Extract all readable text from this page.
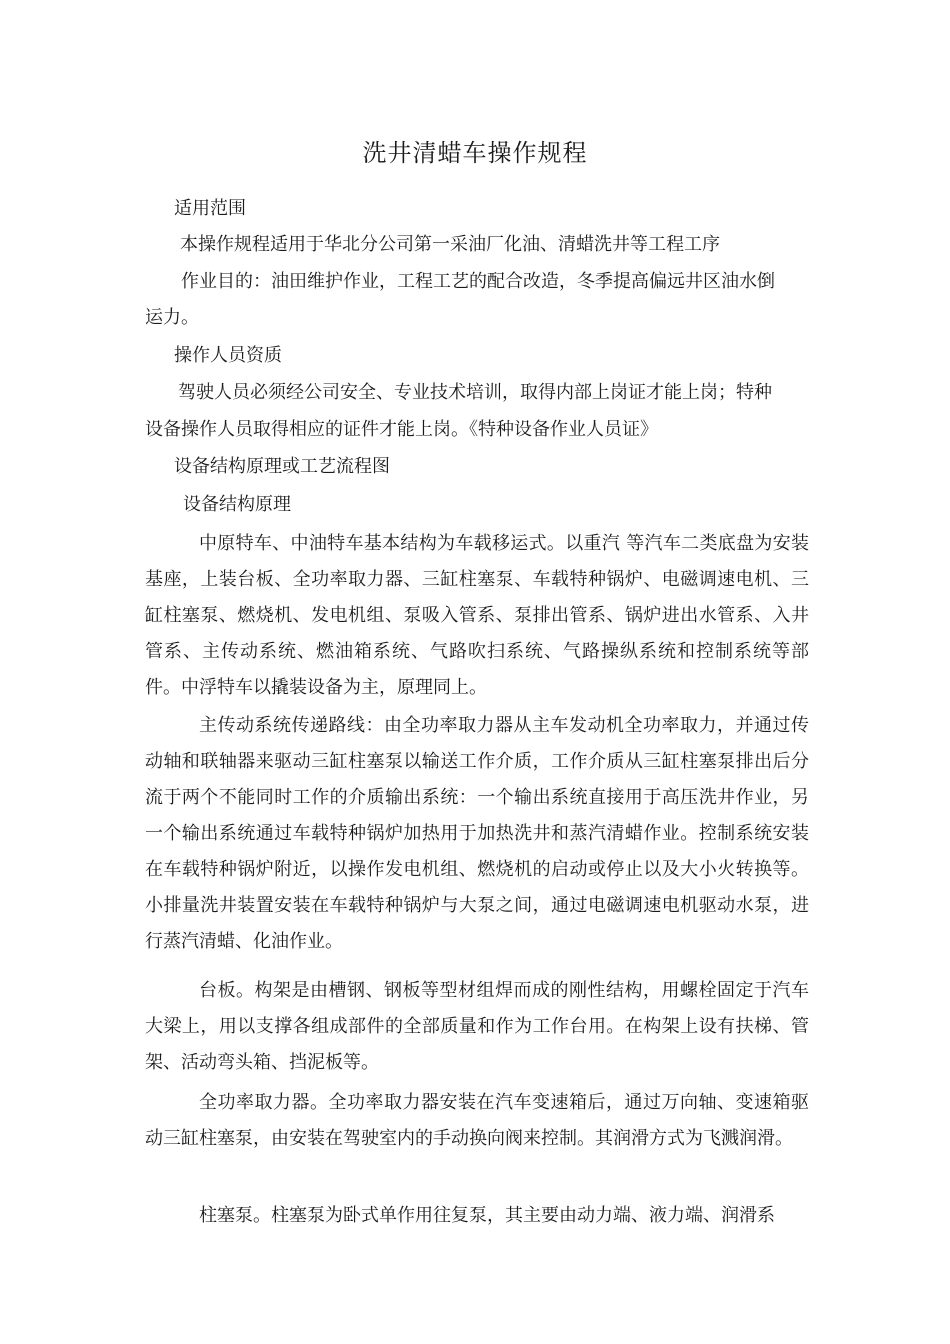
洗井清蜡车操作规程
适用范围
本操作规程适用于华北分公司第一采油厂化油、清蜡洗井等工程工序
作业目的：油田维护作业，工程工艺的配合改造，冬季提高偏远井区油水倒
运力。
操作人员资质
驾驶人员必须经公司安全、专业技术培训，取得内部上岗证才能上岗；特种
设备操作人员取得相应的证件才能上岗。《特种设备作业人员证》
设备结构原理或工艺流程图
设备结构原理
中原特车、中油特车基本结构为车载移运式。以重汽 等汽车二类底盘为安装基座，上装台板、全功率取力器、三缸柱塞泵、车载特种锅炉、电磁调速电机、三缸柱塞泵、燃烧机、发电机组、泵吸入管系、泵排出管系、锅炉进出水管系、入井管系、主传动系统、燃油箱系统、气路吹扫系统、气路操纵系统和控制系统等部件。中浮特车以撬装设备为主，原理同上。
主传动系统传递路线：由全功率取力器从主车发动机全功率取力，并通过传动轴和联轴器来驱动三缸柱塞泵以输送工作介质，工作介质从三缸柱塞泵排出后分流于两个不能同时工作的介质输出系统：一个输出系统直接用于高压洗井作业，另一个输出系统通过车载特种锅炉加热用于加热洗井和蒸汽清蜡作业。控制系统安装在车载特种锅炉附近，以操作发电机组、燃烧机的启动或停止以及大小火转换等。小排量洗井装置安装在车载特种锅炉与大泵之间，通过电磁调速电机驱动水泵，进行蒸汽清蜡、化油作业。
台板。构架是由槽钢、钢板等型材组焊而成的刚性结构，用螺栓固定于汽车大梁上，用以支撑各组成部件的全部质量和作为工作台用。在构架上设有扶梯、管架、活动弯头箱、挡泥板等。
全功率取力器。全功率取力器安装在汽车变速箱后，通过万向轴、变速箱驱动三缸柱塞泵，由安装在驾驶室内的手动换向阀来控制。其润滑方式为飞溅润滑。
柱塞泵。柱塞泵为卧式单作用往复泵，其主要由动力端、液力端、润滑系
